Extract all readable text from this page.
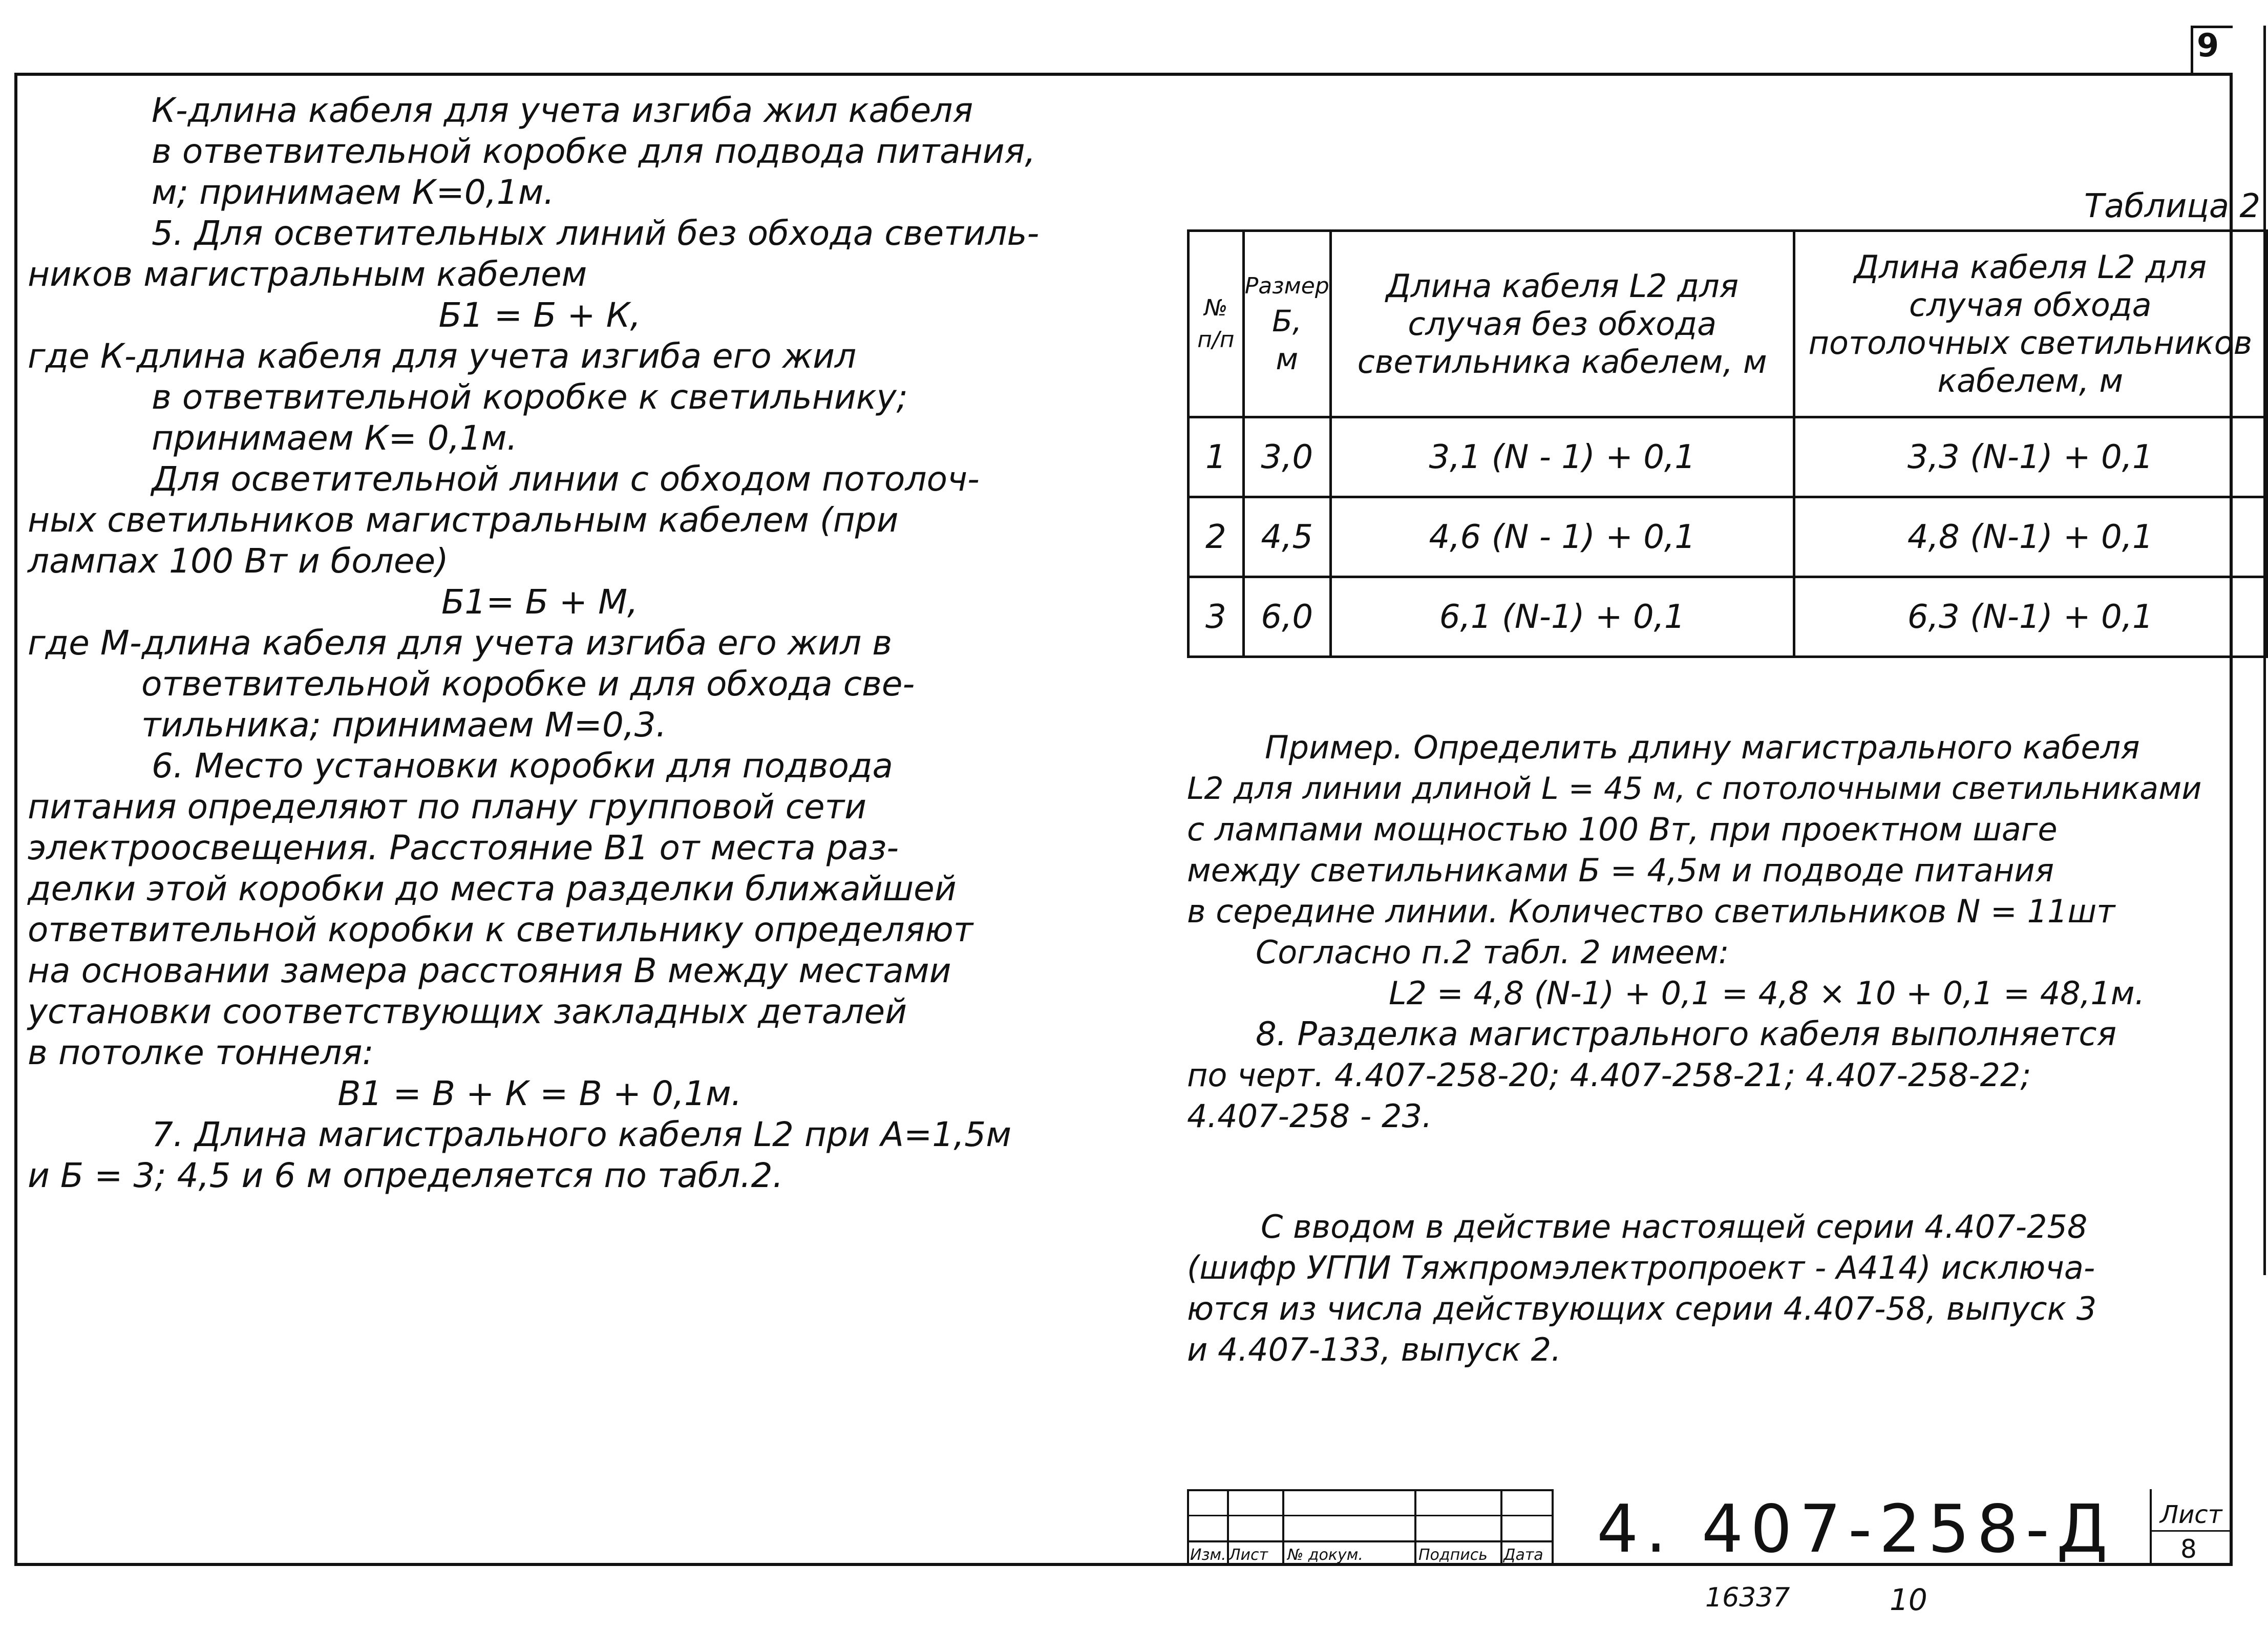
9
К-длина кабеля для учета изгиба жил кабеля
в ответвительной коробке для подвода питания,
м; принимаем К=0,1м.
5. Для осветительных линий без обхода светиль-
ников магистральным кабелем
Б1 = Б + К,
где К-длина кабеля для учета изгиба его жил
в ответвительной коробке к светильнику;
принимаем К= 0,1м.
Для осветительной линии с обходом потолоч-
ных светильников магистральным кабелем (при
лампах 100 Вт и более)
Б1= Б + М,
где М-длина кабеля для учета изгиба его жил в
ответвительной коробке и для обхода све-
тильника; принимаем М=0,3.
6. Место установки коробки для подвода
питания определяют по плану групповой сети
электроосвещения. Расстояние В1 от места раз-
делки этой коробки до места разделки ближайшей
ответвительной коробки к светильнику определяют
на основании замера расстояния В между местами
установки соответствующих закладных деталей
в потолке тоннеля:
В1 = В + К = В + 0,1м.
7. Длина магистрального кабеля L2 при А=1,5м
и Б = 3; 4,5 и 6 м определяется по табл.2.
Таблица 2
№ п/п	Размер
Б,
м	Длина кабеля L2 для случая без обхода светильника кабелем, м	Длина кабеля L2 для случая обхода потолочных светильников кабелем, м
1	3,0	3,1 (N - 1) + 0,1	3,3 (N-1) + 0,1
2	4,5	4,6 (N - 1) + 0,1	4,8 (N-1) + 0,1
3	6,0	6,1 (N-1) + 0,1	6,3 (N-1) + 0,1
Пример. Определить длину магистрального кабеля
L2 для линии длиной L = 45 м, с потолочными светильниками
с лампами мощностью 100 Вт, при проектном шаге
между светильниками Б = 4,5м и подводе питания
в середине линии. Количество светильников N = 11шт
Согласно п.2 табл. 2 имеем:
L2 = 4,8 (N-1) + 0,1 = 4,8 × 10 + 0,1 = 48,1м.
8. Разделка магистрального кабеля выполняется
по черт. 4.407-258-20; 4.407-258-21; 4.407-258-22;
4.407-258 - 23.
С вводом в действие настоящей серии 4.407-258
(шифр УГПИ Тяжпромэлектропроект - А414) исключа-
ются из числа действующих серии 4.407-58, выпуск 3
и 4.407-133, выпуск 2.
Изм. Лист № докум.	Подпись Дата 4. 407-258-Д Лист
8
16337	10
